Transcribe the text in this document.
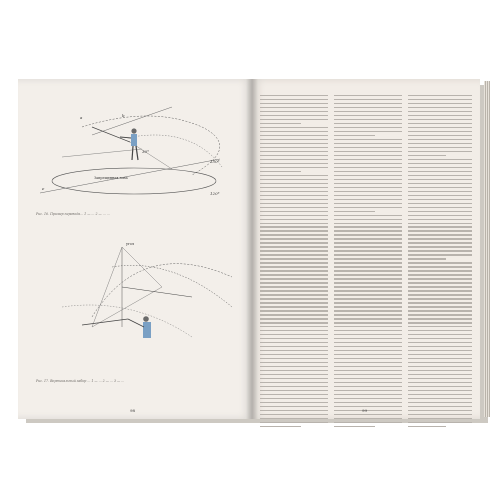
е
a
30°
Запрещенная зона
150°
120°
b
Рис. 16. Пример перевода... 1 — ... 2 — ... ...
угол
Рис. 17. Вертикальный забор ... 1 — ... 2 — ... 3 — ...
98	99
